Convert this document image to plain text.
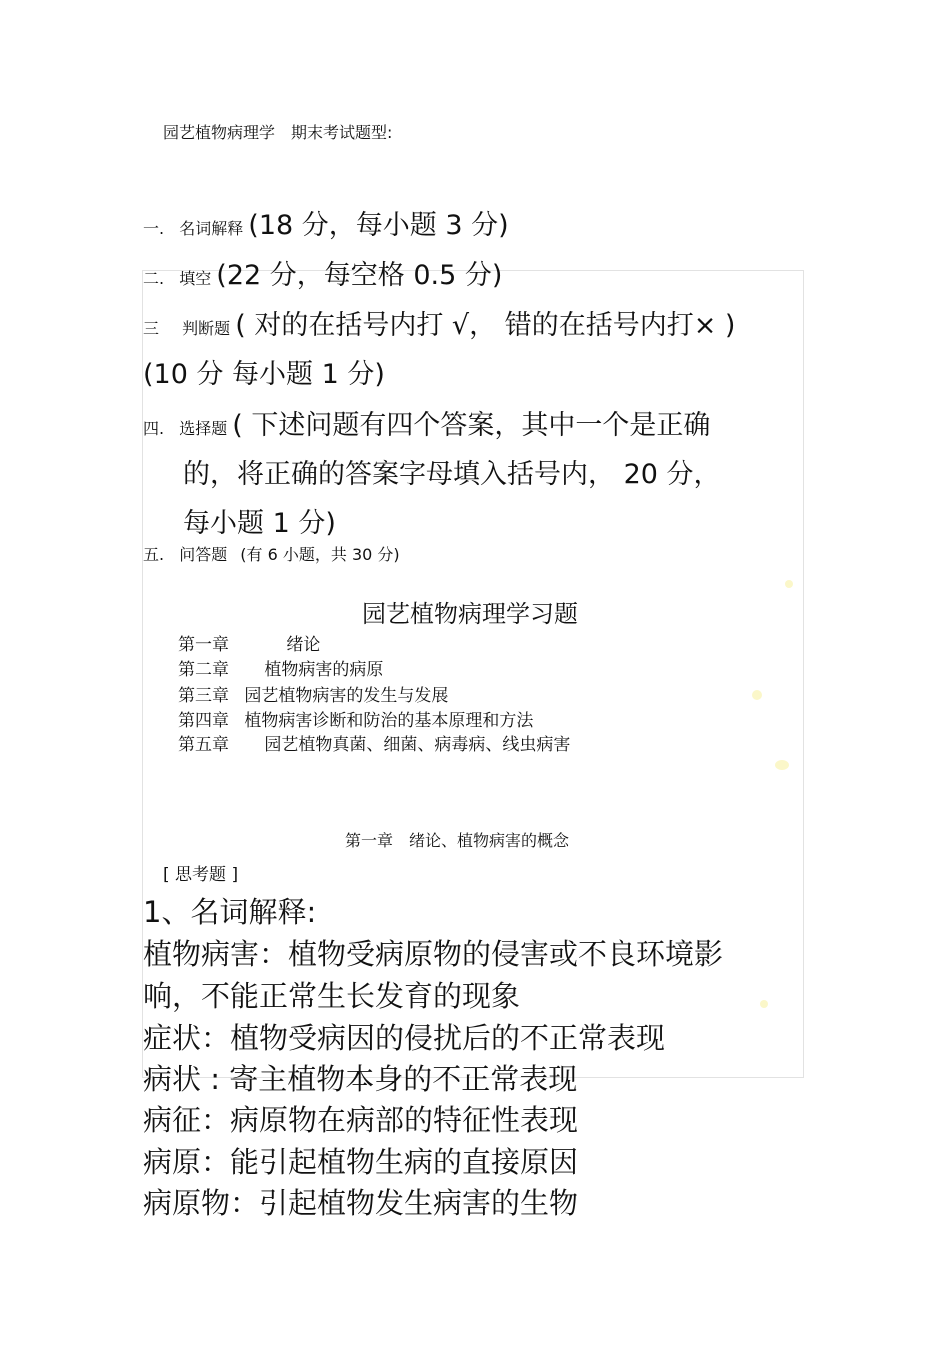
园艺植物病理学　期末考试题型:
一. 名词解释 (18 分，每小题 3 分)
二. 填空 (22 分，每空格 0.5 分)
三 判断题 ( 对的在括号内打 √， 错的在括号内打× )
(10 分 每小题 1 分)
四. 选择题 ( 下述问题有四个答案，其中一个是正确
的，将正确的答案字母填入括号内， 20 分，
每小题 1 分)
五. 问答题 (有 6 小题，共 30 分)
园艺植物病理学习题
第一章	绪论
第二章 植物病害的病原
第三章 园艺植物病害的发生与发展
第四章 植物病害诊断和防治的基本原理和方法
第五章 园艺植物真菌、细菌、病毒病、线虫病害
第一章　绪论、植物病害的概念
[ 思考题 ]
1、名词解释:
植物病害：植物受病原物的侵害或不良环境影
响，不能正常生长发育的现象
症状：植物受病因的侵扰后的不正常表现
病状 : 寄主植物本身的不正常表现
病征：病原物在病部的特征性表现
病原：能引起植物生病的直接原因
病原物：引起植物发生病害的生物
